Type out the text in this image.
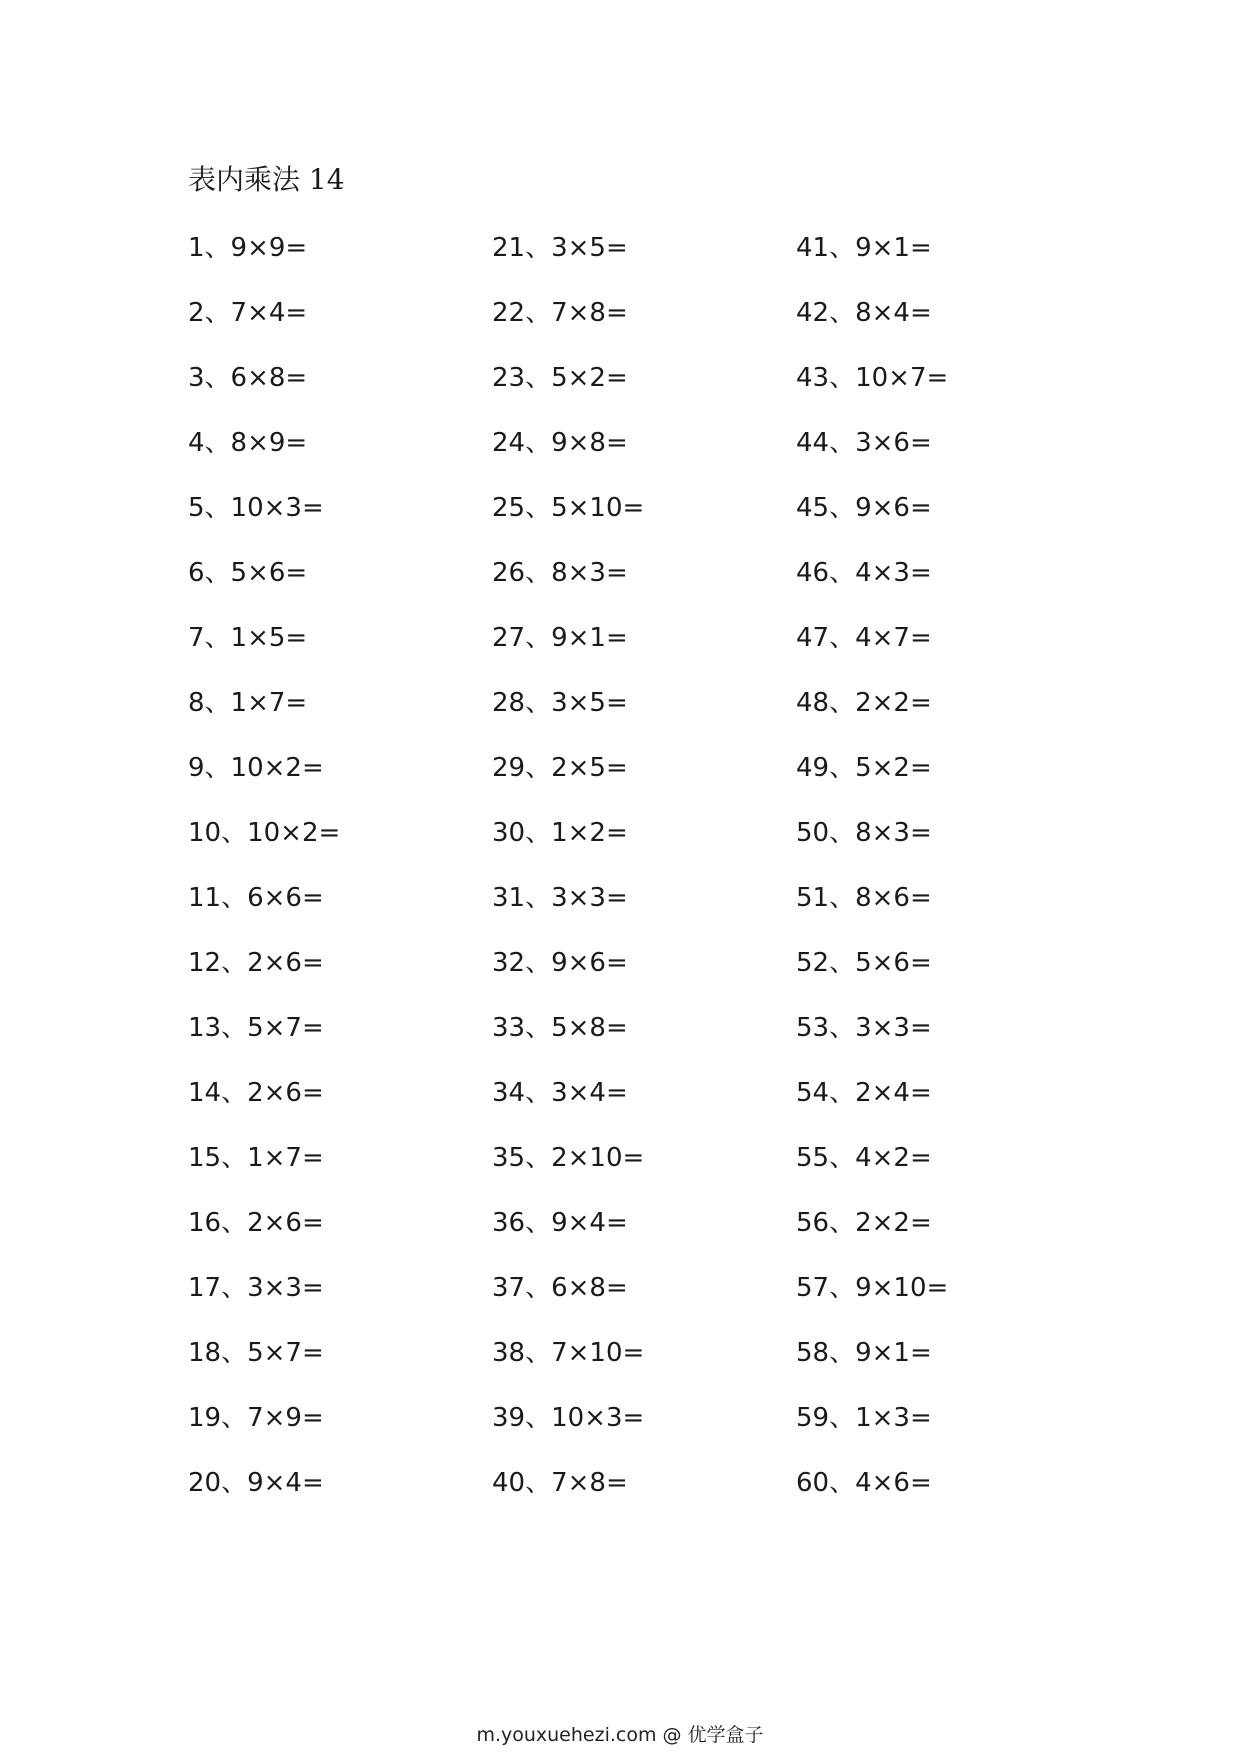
表内乘法 14
1、9×9=
2、7×4=
3、6×8=
4、8×9=
5、10×3=
6、5×6=
7、1×5=
8、1×7=
9、10×2=
10、10×2=
11、6×6=
12、2×6=
13、5×7=
14、2×6=
15、1×7=
16、2×6=
17、3×3=
18、5×7=
19、7×9=
20、9×4=
21、3×5=
22、7×8=
23、5×2=
24、9×8=
25、5×10=
26、8×3=
27、9×1=
28、3×5=
29、2×5=
30、1×2=
31、3×3=
32、9×6=
33、5×8=
34、3×4=
35、2×10=
36、9×4=
37、6×8=
38、7×10=
39、10×3=
40、7×8=
41、9×1=
42、8×4=
43、10×7=
44、3×6=
45、9×6=
46、4×3=
47、4×7=
48、2×2=
49、5×2=
50、8×3=
51、8×6=
52、5×6=
53、3×3=
54、2×4=
55、4×2=
56、2×2=
57、9×10=
58、9×1=
59、1×3=
60、4×6=
m.youxuehezi.com @ 优学盒子
